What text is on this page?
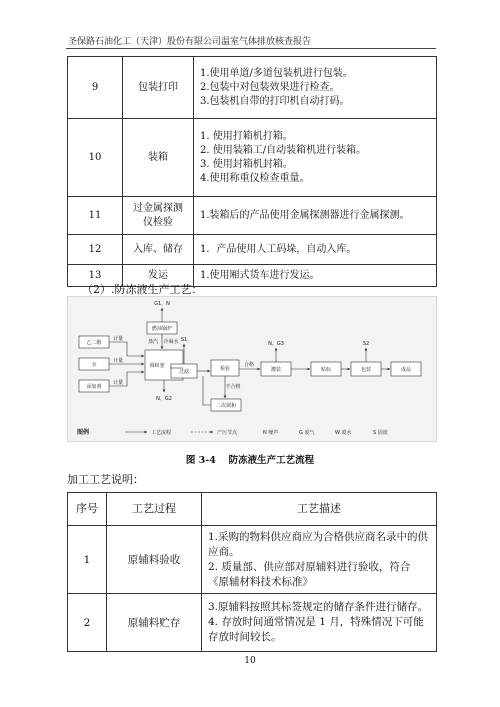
圣保路石油化工（天津）股份有限公司温室气体排放核查报告
9	包装打印	1.使用单道/多道包装机进行包装。
2.包装中对包装效果进行检查。
3.包装机自带的打印机自动打码。

10	装箱	1. 使用打箱机打箱。
2. 使用装箱工/自动装箱机进行装箱。
3. 使用封箱机封箱。
4.使用称重仪检查重量。

11	过金属探测
仪检验	1.装箱后的产品使用金属探测器进行金属探测。

12	入库、储存	1．产品使用人工码垛，自动入库。

13	发运	1.使用厢式货车进行发运。
（2）.防冻液生产工艺：
燃油锅炉
乙二醇
水
添加剂
调和釜
过滤	检验	灌装	贴标	包装	成品
二次调和
G1、N
蒸汽 冷凝水
N、G2
S1
N、G3	S2
合格
不合格
计量
计量
计量
图例	工艺流程	产污节点	N 噪声	G 废气	W 废水	S 固废
图 3-4　 防冻液生产工艺流程
加工工艺说明：
序号	工艺过程	工艺描述
1	原辅料验收	1.采购的物料供应商应为合格供应商名录中的供应商。
2. 质量部、供应部对原辅料进行验收，符合《原辅材料技术标准》

2	原辅料贮存	3.原辅料按照其标签规定的储存条件进行储存。
4. 存放时间通常情况是 1 月，特殊情况下可能存放时间较长。
10
